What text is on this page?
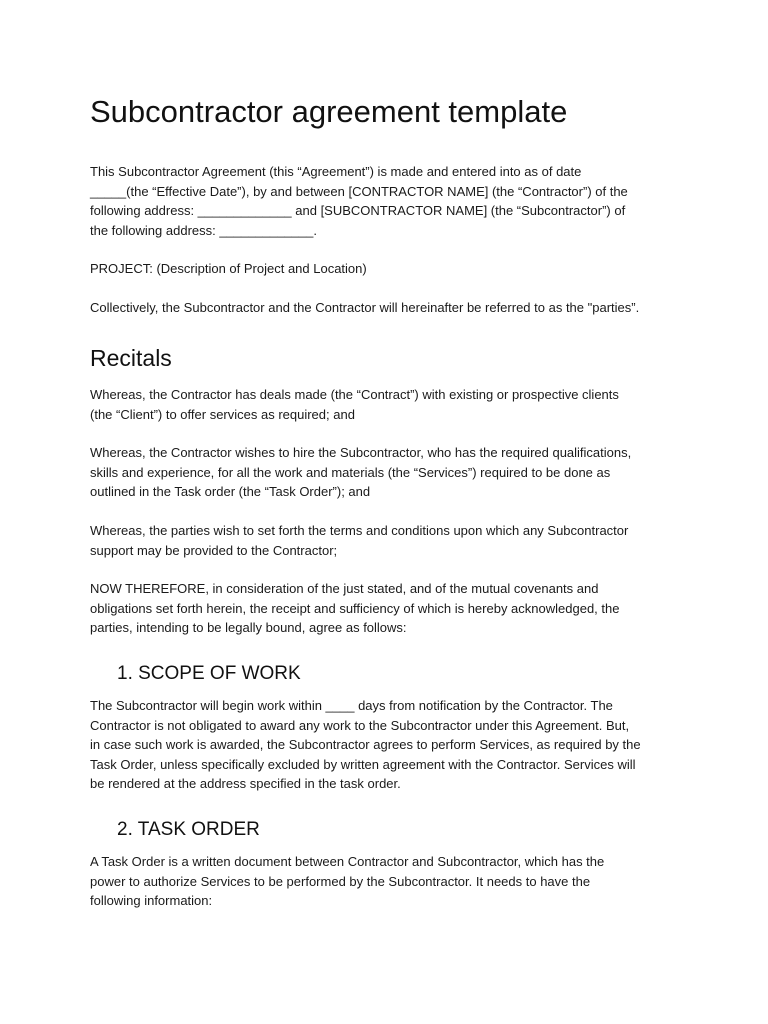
Subcontractor agreement template

This Subcontractor Agreement (this “Agreement”) is made and entered into as of date
_____(the “Effective Date”), by and between [CONTRACTOR NAME] (the “Contractor”) of the
following address: _____________ and [SUBCONTRACTOR NAME] (the “Subcontractor”) of
the following address: _____________.

PROJECT: (Description of Project and Location)

Collectively, the Subcontractor and the Contractor will hereinafter be referred to as the "parties”.

Recitals

Whereas, the Contractor has deals made (the “Contract”) with existing or prospective clients
(the “Client”) to offer services as required; and

Whereas, the Contractor wishes to hire the Subcontractor, who has the required qualifications,
skills and experience, for all the work and materials (the “Services”) required to be done as
outlined in the Task order (the “Task Order”); and

Whereas, the parties wish to set forth the terms and conditions upon which any Subcontractor
support may be provided to the Contractor;

NOW THEREFORE, in consideration of the just stated, and of the mutual covenants and
obligations set forth herein, the receipt and sufficiency of which is hereby acknowledged, the
parties, intending to be legally bound, agree as follows:

1. SCOPE OF WORK

The Subcontractor will begin work within ____ days from notification by the Contractor. The
Contractor is not obligated to award any work to the Subcontractor under this Agreement. But,
in case such work is awarded, the Subcontractor agrees to perform Services, as required by the
Task Order, unless specifically excluded by written agreement with the Contractor. Services will
be rendered at the address specified in the task order.

2. TASK ORDER

A Task Order is a written document between Contractor and Subcontractor, which has the
power to authorize Services to be performed by the Subcontractor. It needs to have the
following information:
